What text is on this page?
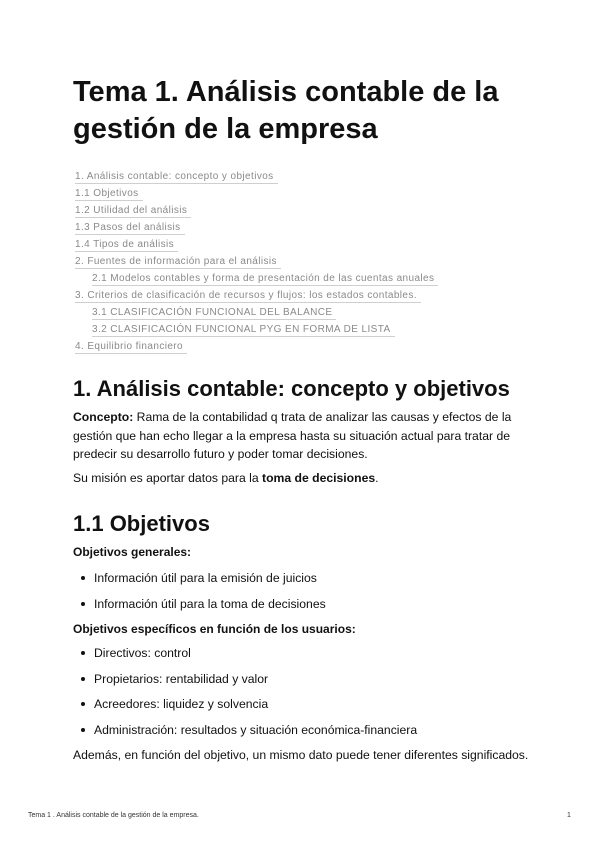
Tema 1. Análisis contable de la gestión de la empresa
1. Análisis contable: concepto y objetivos
1.1 Objetivos
1.2 Utilidad del análisis
1.3 Pasos del análisis
1.4 Tipos de análisis
2. Fuentes de información para el análisis
2.1 Modelos contables y forma de presentación de las cuentas anuales
3. Criterios de clasificación de recursos y flujos: los estados contables.
3.1 CLASIFICACIÓN FUNCIONAL DEL BALANCE
3.2 CLASIFICACIÓN FUNCIONAL PYG EN FORMA DE LISTA
4. Equilibrio financiero
1. Análisis contable: concepto y objetivos

Concepto: Rama de la contabilidad q trata de analizar las causas y efectos de la gestión que han echo llegar a la empresa hasta su situación actual para tratar de predecir su desarrollo futuro y poder tomar decisiones.

Su misión es aportar datos para la toma de decisiones.

1.1 Objetivos

Objetivos generales:

Información útil para la emisión de juicios
Información útil para la toma de decisiones

Objetivos específicos en función de los usuarios:

Directivos: control
Propietarios: rentabilidad y valor
Acreedores: liquidez y solvencia
Administración: resultados y situación económica-financiera

Además, en función del objetivo, un mismo dato puede tener diferentes significados.

Tema 1 . Análisis contable de la gestión de la empresa.	1
